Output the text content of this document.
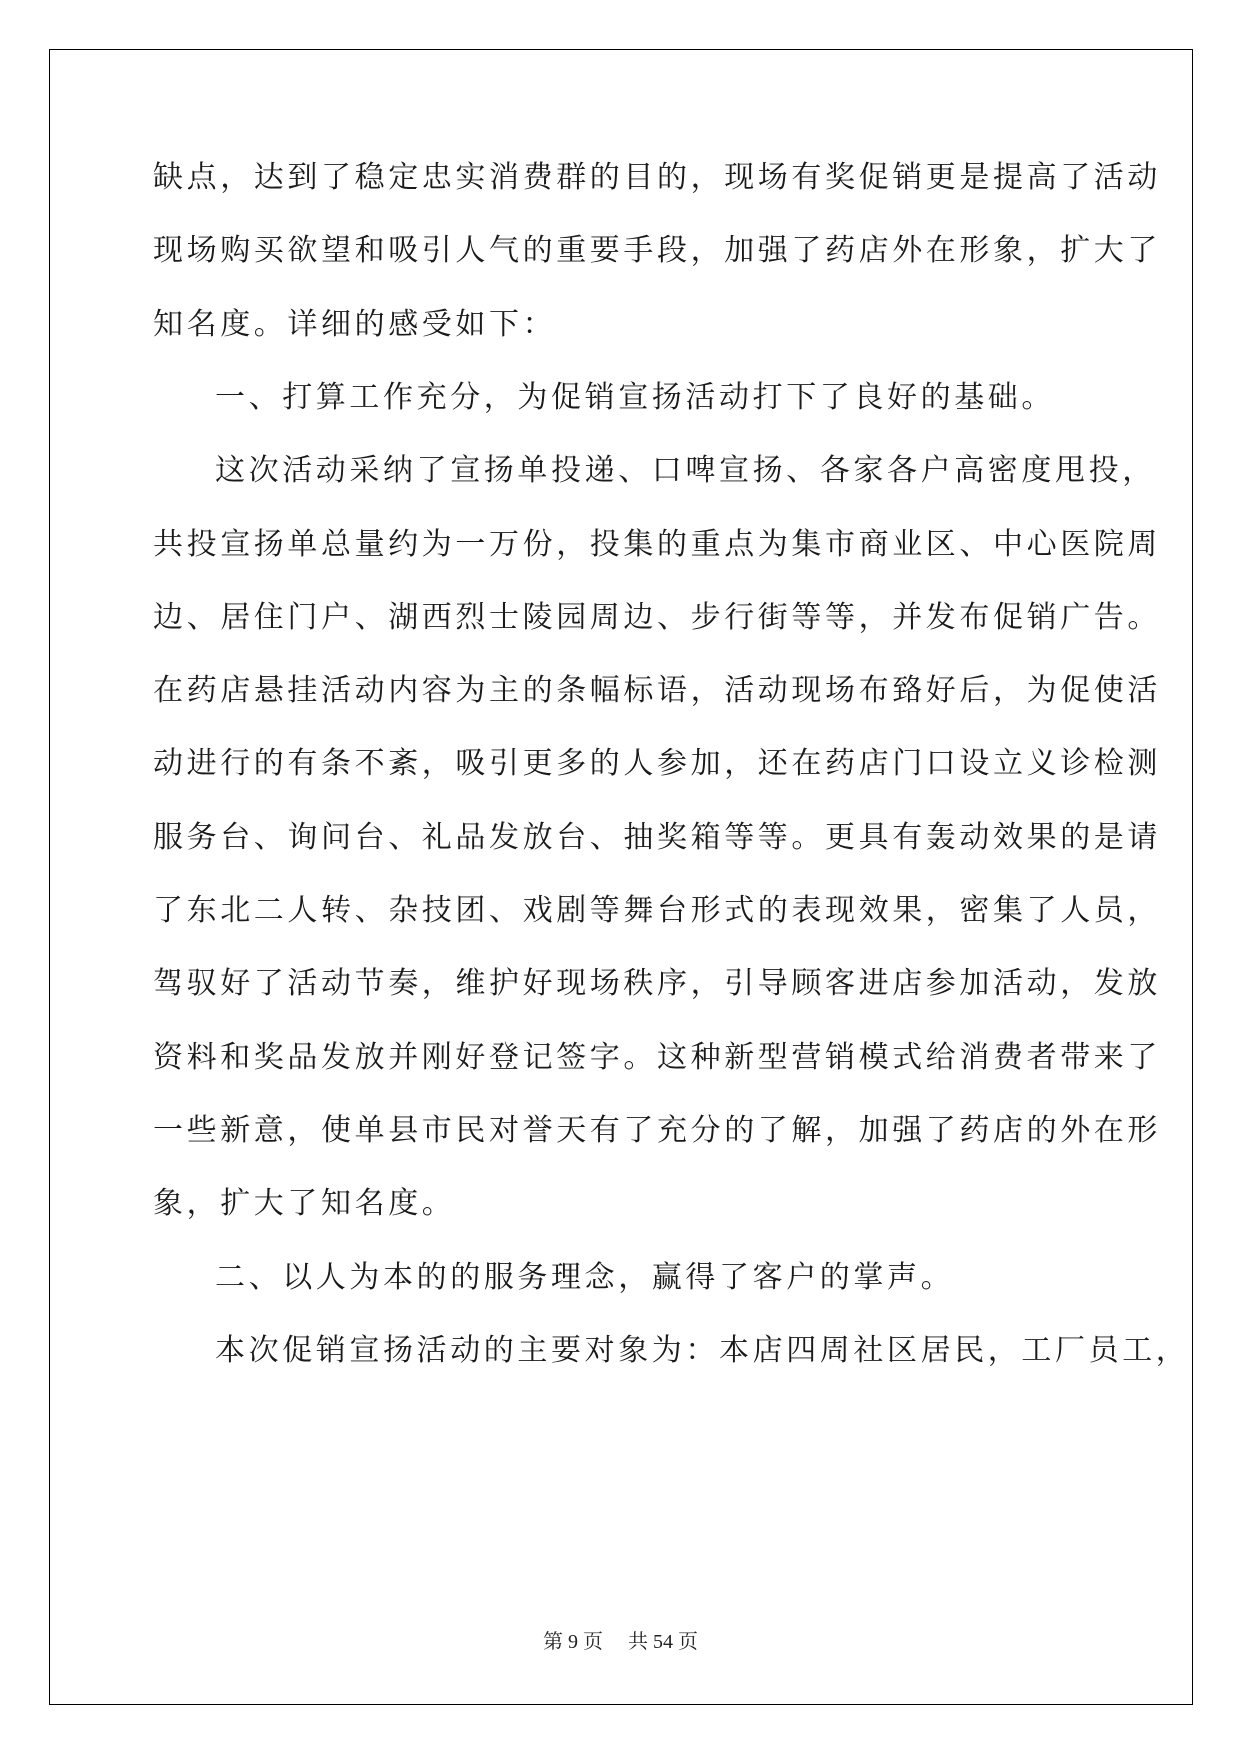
缺点，达到了稳定忠实消费群的目的，现场有奖促销更是提高了活动
现场购买欲望和吸引人气的重要手段，加强了药店外在形象，扩大了
知名度。详细的感受如下：
一、打算工作充分，为促销宣扬活动打下了良好的基础。
这次活动采纳了宣扬单投递、口啤宣扬、各家各户高密度甩投，
共投宣扬单总量约为一万份，投集的重点为集市商业区、中心医院周
边、居住门户、湖西烈士陵园周边、步行街等等，并发布促销广告。
在药店悬挂活动内容为主的条幅标语，活动现场布臵好后，为促使活
动进行的有条不紊，吸引更多的人参加，还在药店门口设立义诊检测
服务台、询问台、礼品发放台、抽奖箱等等。更具有轰动效果的是请
了东北二人转、杂技团、戏剧等舞台形式的表现效果，密集了人员，
驾驭好了活动节奏，维护好现场秩序，引导顾客进店参加活动，发放
资料和奖品发放并刚好登记签字。这种新型营销模式给消费者带来了
一些新意，使单县市民对誉天有了充分的了解，加强了药店的外在形
象，扩大了知名度。
二、以人为本的的服务理念，赢得了客户的掌声。
本次促销宣扬活动的主要对象为：本店四周社区居民，工厂员工，
第 9 页　 共 54 页
